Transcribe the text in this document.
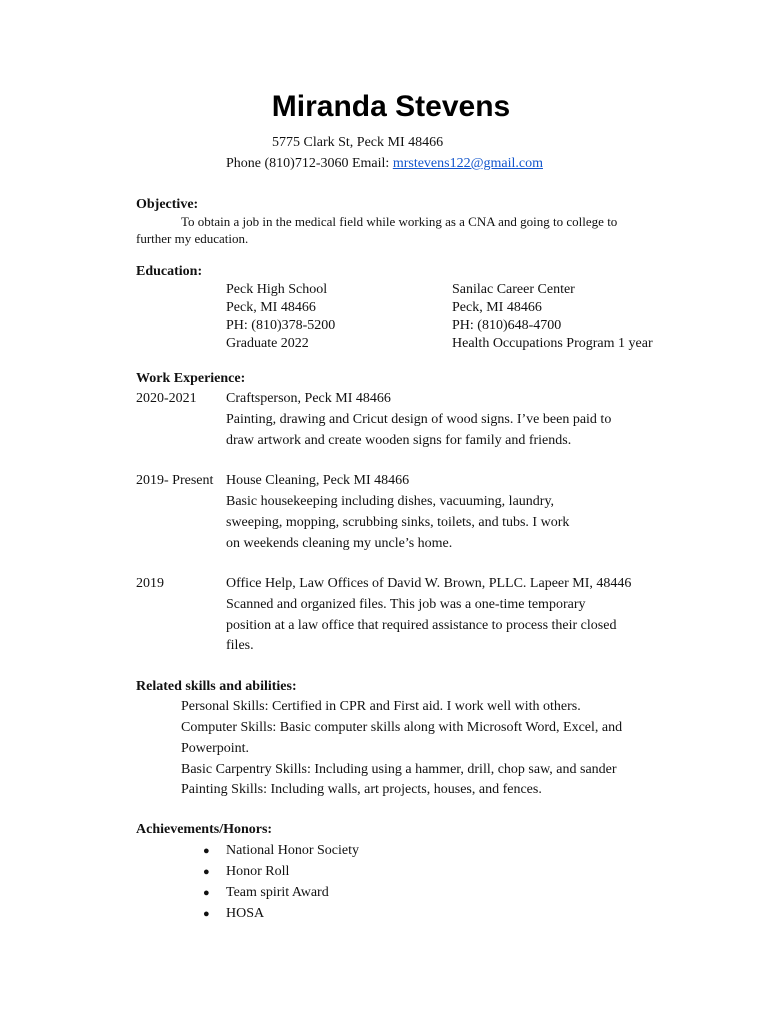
Miranda Stevens
5775 Clark St, Peck MI 48466
Phone (810)712-3060 Email: mrstevens122@gmail.com
Objective:
To obtain a job in the medical field while working as a CNA and going to college to
further my education.
Education:
Peck High School
Peck, MI 48466
PH: (810)378-5200
Graduate 2022
Sanilac Career Center
Peck, MI 48466
PH: (810)648-4700
Health Occupations Program 1 year
Work Experience:
2020-2021 Craftsperson, Peck MI 48466
Painting, drawing and Cricut design of wood signs. I’ve been paid to
draw artwork and create wooden signs for family and friends.
2019- Present House Cleaning, Peck MI 48466
Basic housekeeping including dishes, vacuuming, laundry,
sweeping, mopping, scrubbing sinks, toilets, and tubs. I work
on weekends cleaning my uncle’s home.
2019	Office Help, Law Offices of David W. Brown, PLLC. Lapeer MI, 48446
Scanned and organized files. This job was a one-time temporary
position at a law office that required assistance to process their closed
files.
Related skills and abilities:
Personal Skills: Certified in CPR and First aid. I work well with others.
Computer Skills: Basic computer skills along with Microsoft Word, Excel, and
Powerpoint.
Basic Carpentry Skills: Including using a hammer, drill, chop saw, and sander
Painting Skills: Including walls, art projects, houses, and fences.
Achievements/Honors:
● National Honor Society
● Honor Roll
● Team spirit Award
● HOSA
